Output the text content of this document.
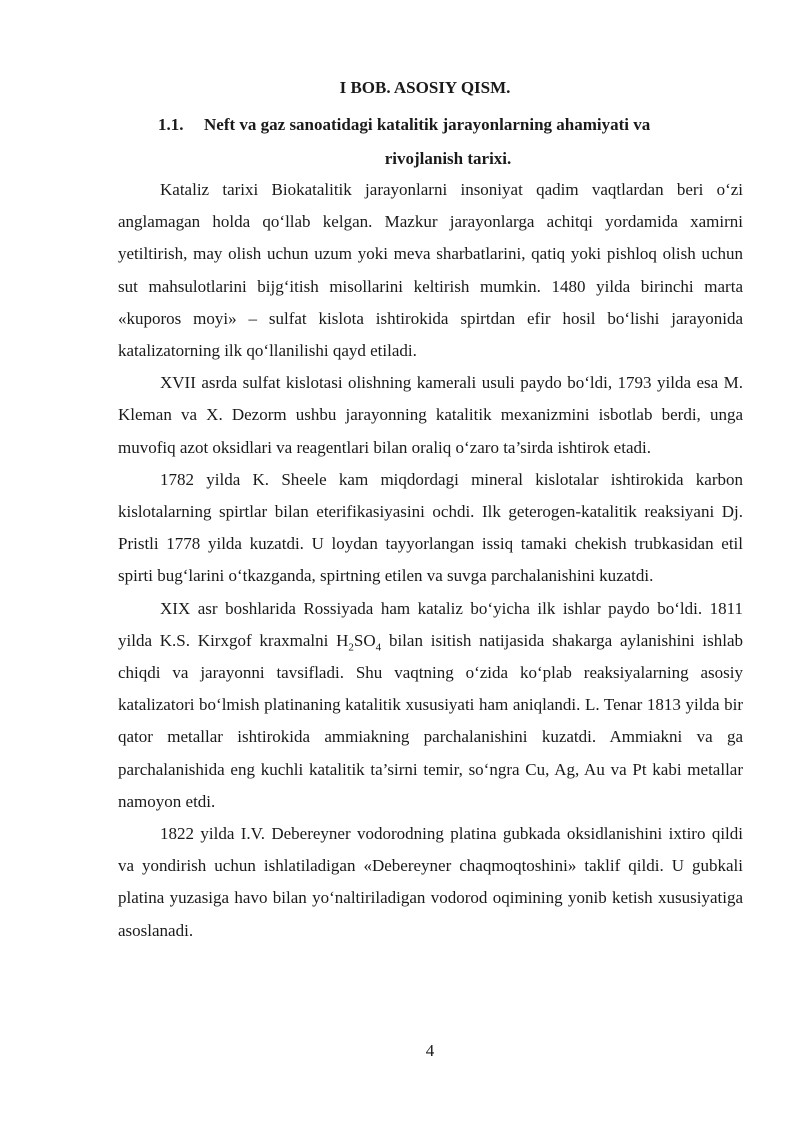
I BOB. ASOSIY QISM.
1.1. Neft va gaz sanoatidagi katalitik jarayonlarning ahamiyati va
rivojlanish tarixi.

Kataliz tarixi Biokatalitik jarayonlarni insoniyat qadim vaqtlardan beri o‘zi anglamagan holda qo‘llab kelgan. Mazkur jarayonlarga achitqi yordamida xamirni yetiltirish, may olish uchun uzum yoki meva sharbatlarini, qatiq yoki pishloq olish uchun sut mahsulotlarini bijg‘itish misollarini keltirish mumkin. 1480 yilda birinchi marta «kuporos moyi» – sulfat kislota ishtirokida spirtdan efir hosil bo‘lishi jarayonida katalizatorning ilk qo‘llanilishi qayd etiladi.

XVII asrda sulfat kislotasi olishning kamerali usuli paydo bo‘ldi, 1793 yilda esa M. Kleman va X. Dezorm ushbu jarayonning katalitik mexanizmini isbotlab berdi, unga muvofiq azot oksidlari va reagentlari bilan oraliq o‘zaro ta’sirda ishtirok etadi.

1782 yilda K. Sheele kam miqdordagi mineral kislotalar ishtirokida karbon kislotalarning spirtlar bilan eterifikasiyasini ochdi. Ilk geterogen-katalitik reaksiyani Dj. Pristli 1778 yilda kuzatdi. U loydan tayyorlangan issiq tamaki chekish trubkasidan etil spirti bug‘larini o‘tkazganda, spirtning etilen va suvga parchalanishini kuzatdi.

XIX asr boshlarida Rossiyada ham kataliz bo‘yicha ilk ishlar paydo bo‘ldi. 1811 yilda K.S. Kirxgof kraxmalni $H_2SO_4$ bilan isitish natijasida shakarga aylanishini ishlab chiqdi va jarayonni tavsifladi. Shu vaqtning o‘zida ko‘plab reaksiyalarning asosiy katalizatori bo‘lmish platinaning katalitik xususiyati ham aniqlandi. L. Tenar 1813 yilda bir qator metallar ishtirokida ammiakning parchalanishini kuzatdi. Ammiakni va ga parchalanishida eng kuchli katalitik ta’sirni temir, so‘ngra Cu, Ag, Au va Pt kabi metallar namoyon etdi.

1822 yilda I.V. Debereyner vodorodning platina gubkada oksidlanishini ixtiro qildi va yondirish uchun ishlatiladigan «Debereyner chaqmoqtoshini» taklif qildi. U gubkali platina yuzasiga havo bilan yo‘naltiriladigan vodorod oqimining yonib ketish xususiyatiga asoslanadi.

4
